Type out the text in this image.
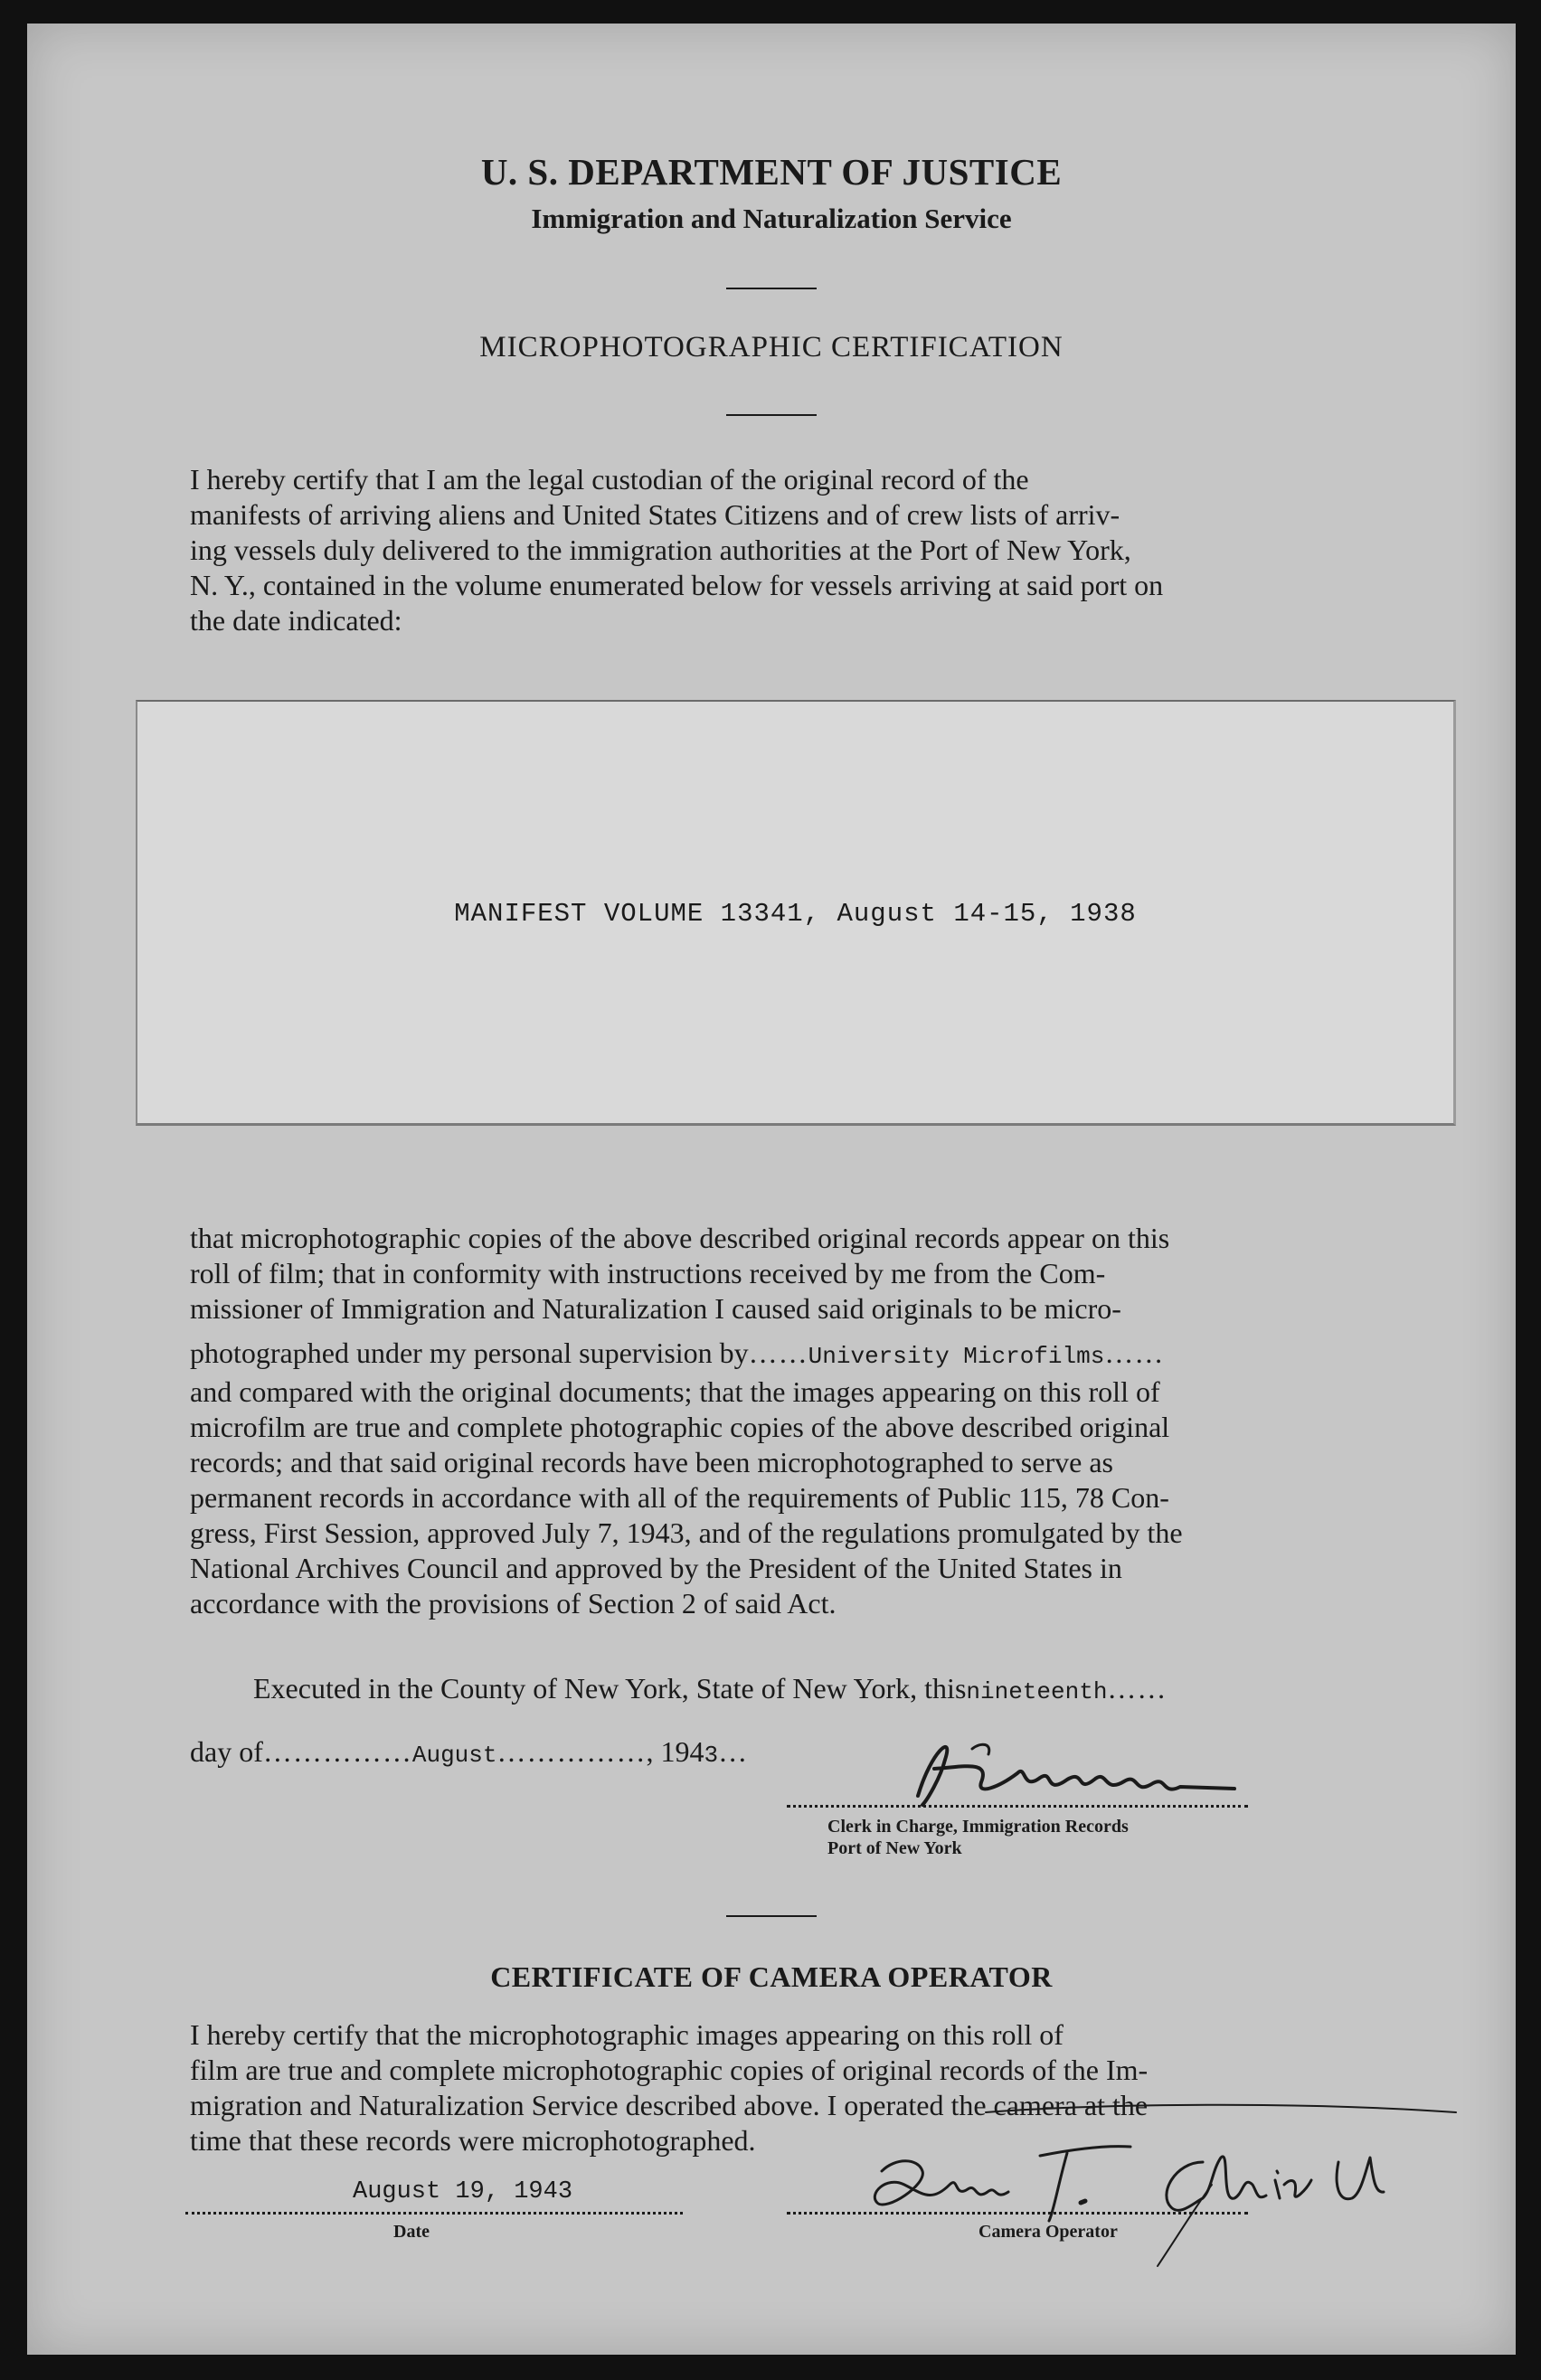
U. S. DEPARTMENT OF JUSTICE
Immigration and Naturalization Service
MICROPHOTOGRAPHIC CERTIFICATION
I hereby certify that I am the legal custodian of the original record of the
manifests of arriving aliens and United States Citizens and of crew lists of arriv-
ing vessels duly delivered to the immigration authorities at the Port of New York,
N. Y., contained in the volume enumerated below for vessels arriving at said port on
the date indicated:
MANIFEST VOLUME 13341, August 14-15, 1938
that microphotographic copies of the above described original records appear on this
roll of film; that in conformity with instructions received by me from the Com-
missioner of Immigration and Naturalization I caused said originals to be micro-
photographed under my personal supervision by……University Microfilms……
and compared with the original documents; that the images appearing on this roll of
microfilm are true and complete photographic copies of the above described original
records; and that said original records have been microphotographed to serve as
permanent records in accordance with all of the requirements of Public 115, 78 Con-
gress, First Session, approved July 7, 1943, and of the regulations promulgated by the
National Archives Council and approved by the President of the United States in
accordance with the provisions of Section 2 of said Act.
Executed in the County of New York, State of New York, thisnineteenth……
day of……………August……………, 1943…
Clerk in Charge, Immigration Records
Port of New York
CERTIFICATE OF CAMERA OPERATOR
I hereby certify that the microphotographic images appearing on this roll of
film are true and complete microphotographic copies of original records of the Im-
migration and Naturalization Service described above. I operated the camera at the
time that these records were microphotographed.
August 19, 1943
Date	Camera Operator
